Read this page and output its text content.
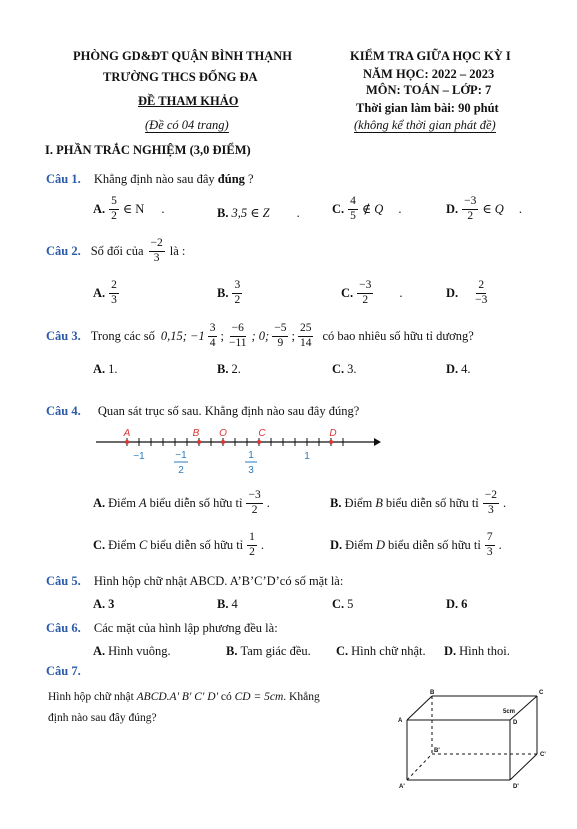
PHÒNG GD&ĐT QUẬN BÌNH THẠNH
TRƯỜNG THCS ĐỐNG ĐA
ĐỀ THAM KHẢO
(Đề có 04 trang)
KIỂM TRA GIỮA HỌC KỲ I
NĂM HỌC: 2022 – 2023
MÔN: TOÁN – LỚP: 7
Thời gian làm bài: 90 phút
(không kể thời gian phát đề)
I. PHẦN TRẮC NGHIỆM (3,0 ĐIỂM)
Câu 1. Khẳng định nào sau đây đúng ?
A. $\frac{5}{2}$ ∈ N .	B. 3,5 ∈ Z .	C. $\frac{4}{5}$ ∉ Q .	D. $\frac{-3}{2}$ ∈ Q .
Câu 2. Số đối của $\frac{-2}{3}$ là :
A. $\frac{2}{3}$	B. $\frac{3}{2}$	C. $\frac{-3}{2}$ .	D. $\frac{2}{-3}$
Câu 3. Trong các số 0,15; $-1 \frac{3}{4}$ ; $\frac{-6}{-11}$ ; 0; $\frac{-5}{9}$ ; $\frac{25}{14}$ có bao nhiêu số hữu tỉ dương?
A. 1.	B. 2.	C. 3.	D. 4.
Câu 4. Quan sát trục số sau. Khẳng định nào sau đây đúng?
A	B O	C	D
−1	1
−1
2
1
3
A. Điểm A biểu diễn số hữu tỉ $\frac{-3}{2}$ .	B. Điểm B biểu diễn số hữu tỉ $\frac{-2}{3}$ .
C. Điểm C biểu diễn số hữu tỉ $\frac{1}{2}$ .	D. Điểm D biểu diễn số hữu tỉ $\frac{7}{3}$ .
Câu 5. Hình hộp chữ nhật ABCD. A’B’C’D’có số mặt là:
A. 3	B. 4	C. 5	D. 6
Câu 6. Các mặt của hình lập phương đều là:
A. Hình vuông.	B. Tam giác đều. C. Hình chữ nhật. D. Hình thoi.
Câu 7.
Hình hộp chữ nhật ABCD.A' B' C' D' có CD = 5cm. Khẳng
định nào sau đây đúng?
B	C
A	D
B'
C'
A'	D'
5cm
